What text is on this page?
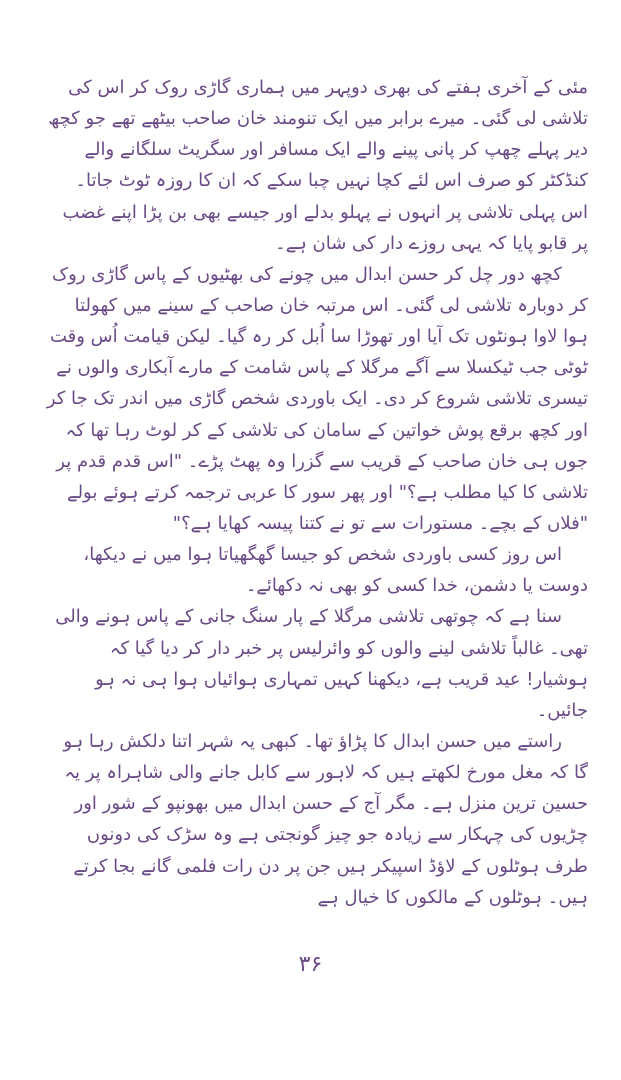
مئی کے آخری ہفتے کی بھری دوپہر میں ہماری گاڑی روک کر اس کی تلاشی لی گئی۔ میرے برابر میں ایک تنومند خان صاحب بیٹھے تھے جو کچھ دیر پہلے چھپ کر پانی پینے والے ایک مسافر اور سگریٹ سلگانے والے کنڈکٹر کو صرف اس لئے کچا نہیں چبا سکے کہ ان کا روزہ ٹوٹ جاتا۔ اس پہلی تلاشی پر انہوں نے پہلو بدلے اور جیسے بھی بن پڑا اپنے غضب پر قابو پایا کہ یہی روزے دار کی شان ہے۔

کچھ دور چل کر حسن ابدال میں چونے کی بھٹیوں کے پاس گاڑی روک کر دوبارہ تلاشی لی گئی۔ اس مرتبہ خان صاحب کے سینے میں کھولتا ہوا لاوا ہونٹوں تک آیا اور تھوڑا سا اُبل کر رہ گیا۔ لیکن قیامت اُس وقت ٹوٹی جب ٹیکسلا سے آگے مرگلا کے پاس شامت کے مارے آبکاری والوں نے تیسری تلاشی شروع کر دی۔ ایک باوردی شخص گاڑی میں اندر تک جا کر اور کچھ برقع پوش خواتین کے سامان کی تلاشی کے کر لوٹ رہا تھا کہ جوں ہی خان صاحب کے قریب سے گزرا وہ پھٹ پڑے۔ "اس قدم قدم پر تلاشی کا کیا مطلب ہے؟" اور پھر سور کا عربی ترجمہ کرتے ہوئے بولے "فلاں کے بچے۔ مستورات سے تو نے کتنا پیسہ کھایا ہے؟"

اس روز کسی باوردی شخص کو جیسا گھگھیاتا ہوا میں نے دیکھا، دوست یا دشمن، خدا کسی کو بھی نہ دکھائے۔

سنا ہے کہ چوتھی تلاشی مرگلا کے پار سنگ جانی کے پاس ہونے والی تھی۔ غالباً تلاشی لینے والوں کو وائرلیس پر خبر دار کر دیا گیا کہ ہوشیار! عید قریب ہے، دیکھنا کہیں تمہاری ہوائیاں ہوا ہی نہ ہو جائیں۔

راستے میں حسن ابدال کا پڑاؤ تھا۔ کبھی یہ شہر اتنا دلکش رہا ہو گا کہ مغل مورخ لکھتے ہیں کہ لاہور سے کابل جانے والی شاہراہ پر یہ حسین ترین منزل ہے۔ مگر آج کے حسن ابدال میں بھونپو کے شور اور چڑیوں کی چہکار سے زیادہ جو چیز گونجتی ہے وہ سڑک کی دونوں طرف ہوٹلوں کے لاؤڈ اسپیکر ہیں جن پر دن رات فلمی گانے بجا کرتے ہیں۔ ہوٹلوں کے مالکوں کا خیال ہے

۳۶
